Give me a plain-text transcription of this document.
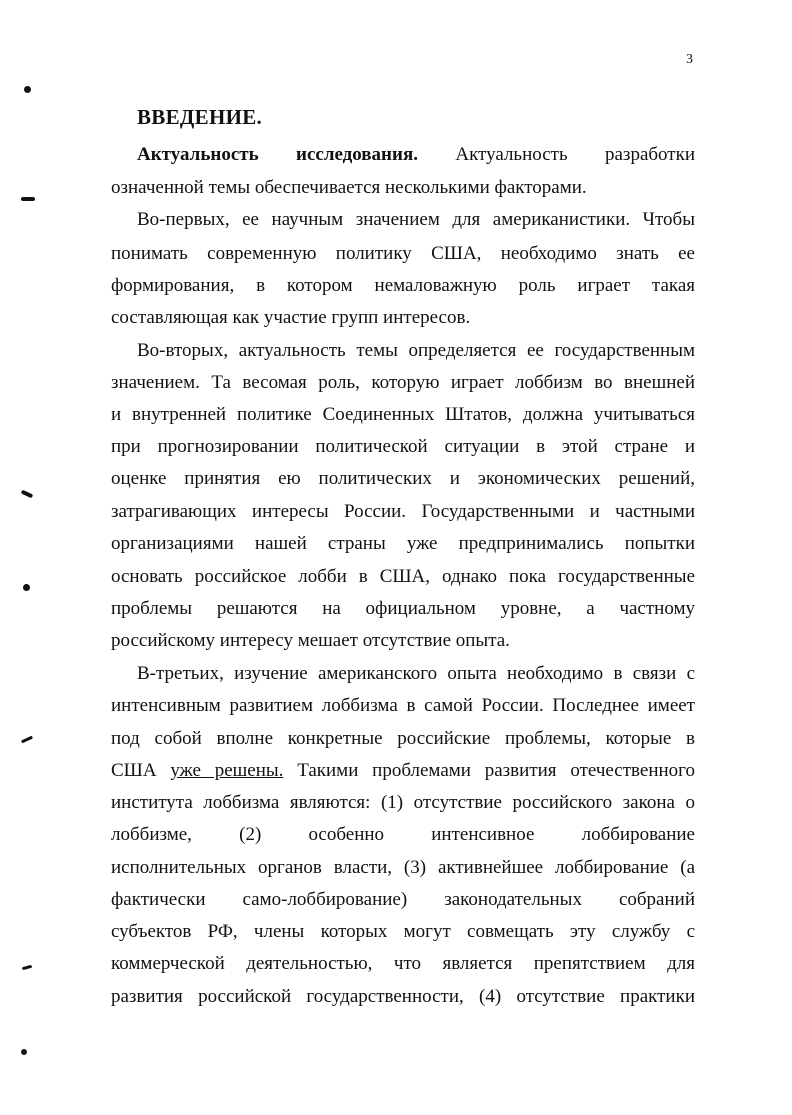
3
ВВЕДЕНИЕ.
Актуальность исследования. Актуальность разработки
означенной темы обеспечивается несколькими факторами.
Во-первых, ее научным значением для американистики. Чтобы
понимать современную политику США, необходимо знать ее
формирования, в котором немаловажную роль играет такая
составляющая как участие групп интересов.
Во-вторых, актуальность темы определяется ее государственным
значением. Та весомая роль, которую играет лоббизм во внешней
и внутренней политике Соединенных Штатов, должна учитываться
при прогнозировании политической ситуации в этой стране и
оценке принятия ею политических и экономических решений,
затрагивающих интересы России. Государственными и частными
организациями нашей страны уже предпринимались попытки
основать российское лобби в США, однако пока государственные
проблемы решаются на официальном уровне, а частному
российскому интересу мешает отсутствие опыта.
В-третьих, изучение американского опыта необходимо в связи с
интенсивным развитием лоббизма в самой России. Последнее имеет
под собой вполне конкретные российские проблемы, которые в
США уже решены. Такими проблемами развития отечественного
института лоббизма являются: (1) отсутствие российского закона о
лоббизме, (2) особенно интенсивное лоббирование
исполнительных органов власти, (3) активнейшее лоббирование (а
фактически само-лоббирование) законодательных собраний
субъектов РФ, члены которых могут совмещать эту службу с
коммерческой деятельностью, что является препятствием для
развития российской государственности, (4) отсутствие практики
